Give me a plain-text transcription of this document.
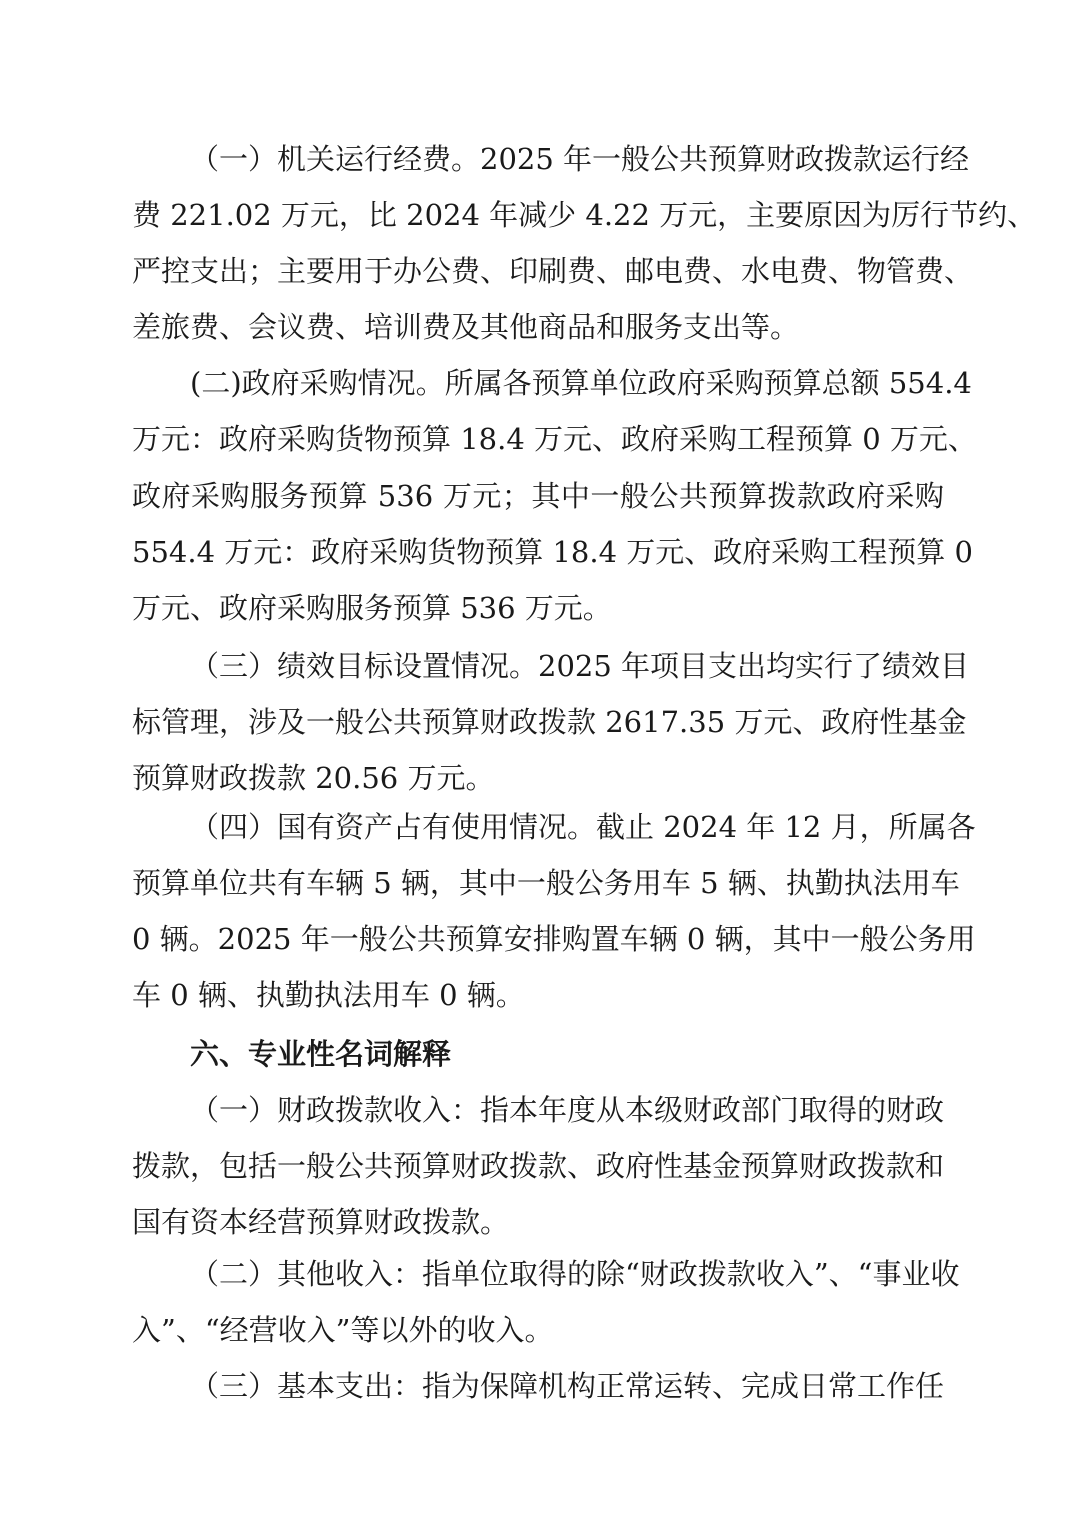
（一）机关运行经费。2025 年一般公共预算财政拨款运行经

费 221.02 万元，比 2024 年减少 4.22 万元，主要原因为厉行节约、

严控支出；主要用于办公费、印刷费、邮电费、水电费、物管费、

差旅费、会议费、培训费及其他商品和服务支出等。

(二)政府采购情况。所属各预算单位政府采购预算总额 554.4

万元：政府采购货物预算 18.4 万元、政府采购工程预算 0 万元、

政府采购服务预算 536 万元；其中一般公共预算拨款政府采购

554.4 万元：政府采购货物预算 18.4 万元、政府采购工程预算 0

万元、政府采购服务预算 536 万元。

（三）绩效目标设置情况。2025 年项目支出均实行了绩效目

标管理，涉及一般公共预算财政拨款 2617.35 万元、政府性基金

预算财政拨款 20.56 万元。

（四）国有资产占有使用情况。截止 2024 年 12 月，所属各

预算单位共有车辆 5 辆，其中一般公务用车 5 辆、执勤执法用车

0 辆。2025 年一般公共预算安排购置车辆 0 辆，其中一般公务用

车 0 辆、执勤执法用车 0 辆。

六、专业性名词解释

（一）财政拨款收入：指本年度从本级财政部门取得的财政

拨款，包括一般公共预算财政拨款、政府性基金预算财政拨款和

国有资本经营预算财政拨款。

（二）其他收入：指单位取得的除“财政拨款收入”、“事业收

入”、“经营收入”等以外的收入。

（三）基本支出：指为保障机构正常运转、完成日常工作任
